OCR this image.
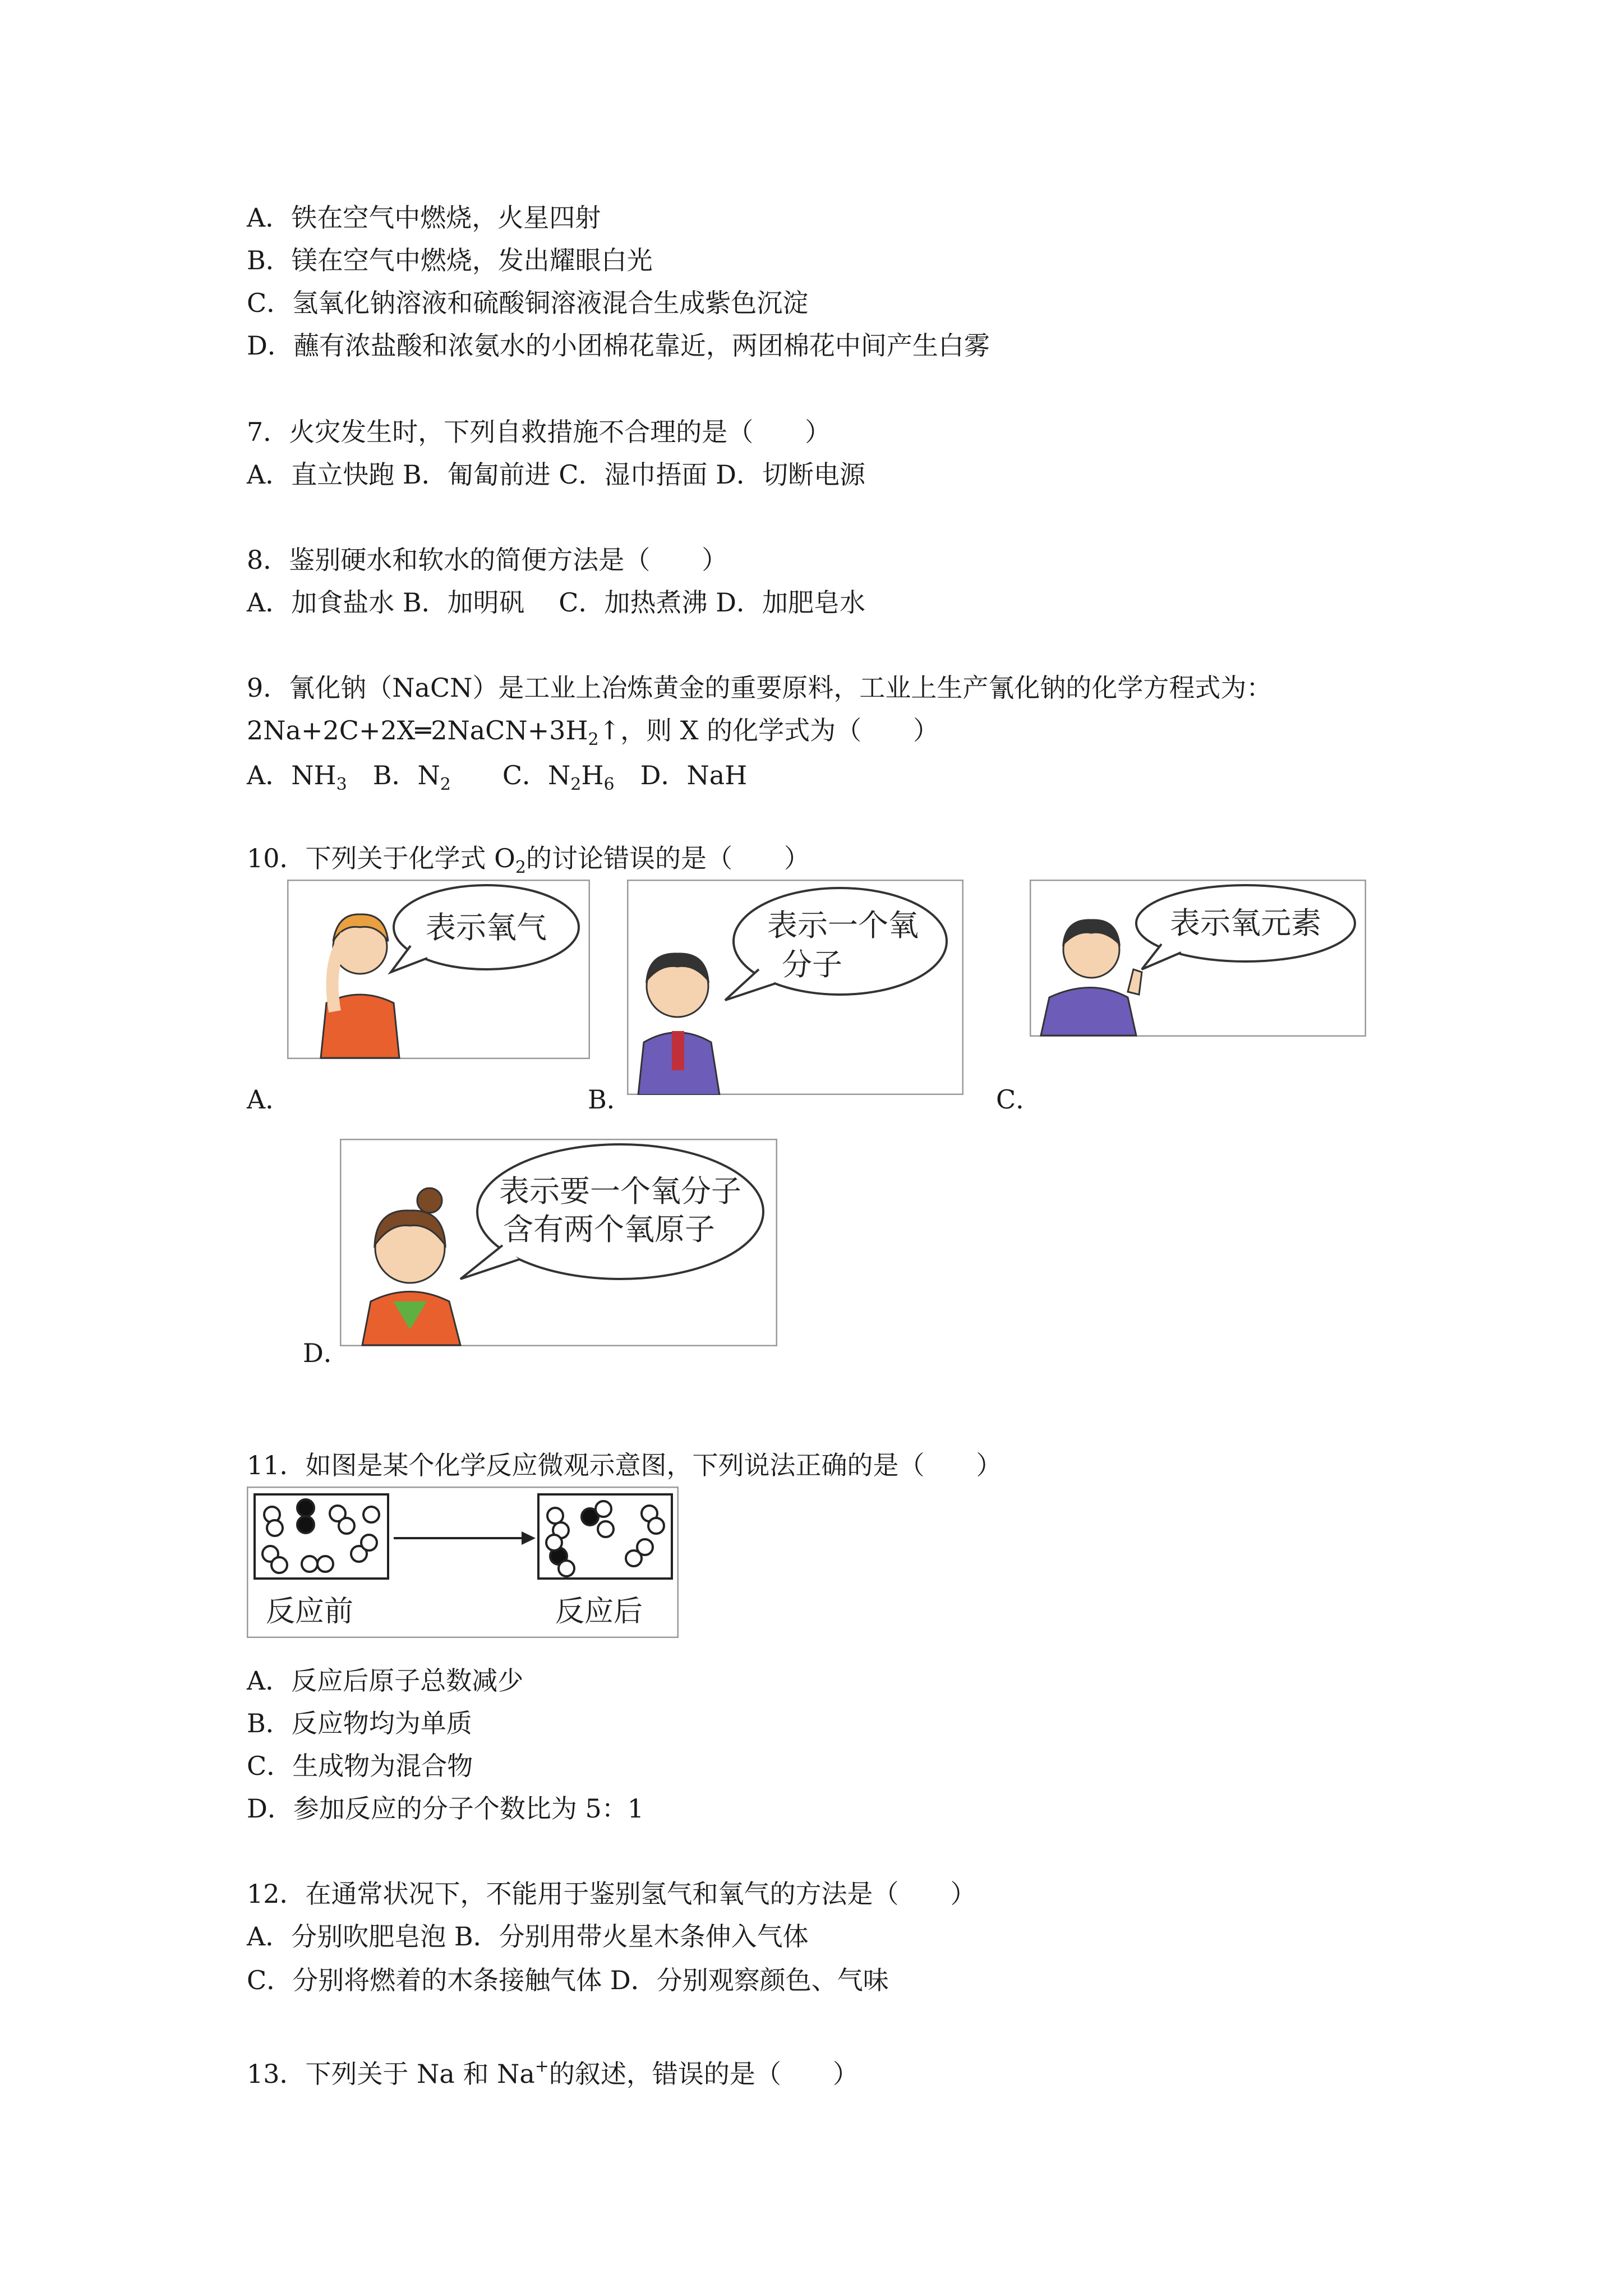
A．铁在空气中燃烧，火星四射
B．镁在空气中燃烧，发出耀眼白光
C．氢氧化钠溶液和硫酸铜溶液混合生成紫色沉淀
D．蘸有浓盐酸和浓氨水的小团棉花靠近，两团棉花中间产生白雾
7．火灾发生时，下列自救措施不合理的是（　　）
A．直立快跑 B．匍匐前进 C．湿巾捂面 D．切断电源
8．鉴别硬水和软水的简便方法是（　　）
A．加食盐水 B．加明矾　 C．加热煮沸 D．加肥皂水
9．氰化钠（NaCN）是工业上冶炼黄金的重要原料，工业上生产氰化钠的化学方程式为：
$2Na+2C+2X═2NaCN+3H_2↑$，则 X 的化学式为（　　）
A．$NH_3$　B．$N_2$　　C．$N_2H_6$　D．NaH
10．下列关于化学式 $O_2$的讨论错误的是（　　）
表示氧气	表示一个氧
分子
表示氧元素
A．	B．	C．
表示要一个氧分子
含有两个氧原子
D．
11．如图是某个化学反应微观示意图，下列说法正确的是（　　）
反应前	反应后
A．反应后原子总数减少
B．反应物均为单质
C．生成物为混合物
D．参加反应的分子个数比为 5：1
12．在通常状况下，不能用于鉴别氢气和氧气的方法是（　　）
A．分别吹肥皂泡 B．分别用带火星木条伸入气体
C．分别将燃着的木条接触气体 D．分别观察颜色、气味
13．下列关于 Na 和 Na+的叙述，错误的是（　　）
